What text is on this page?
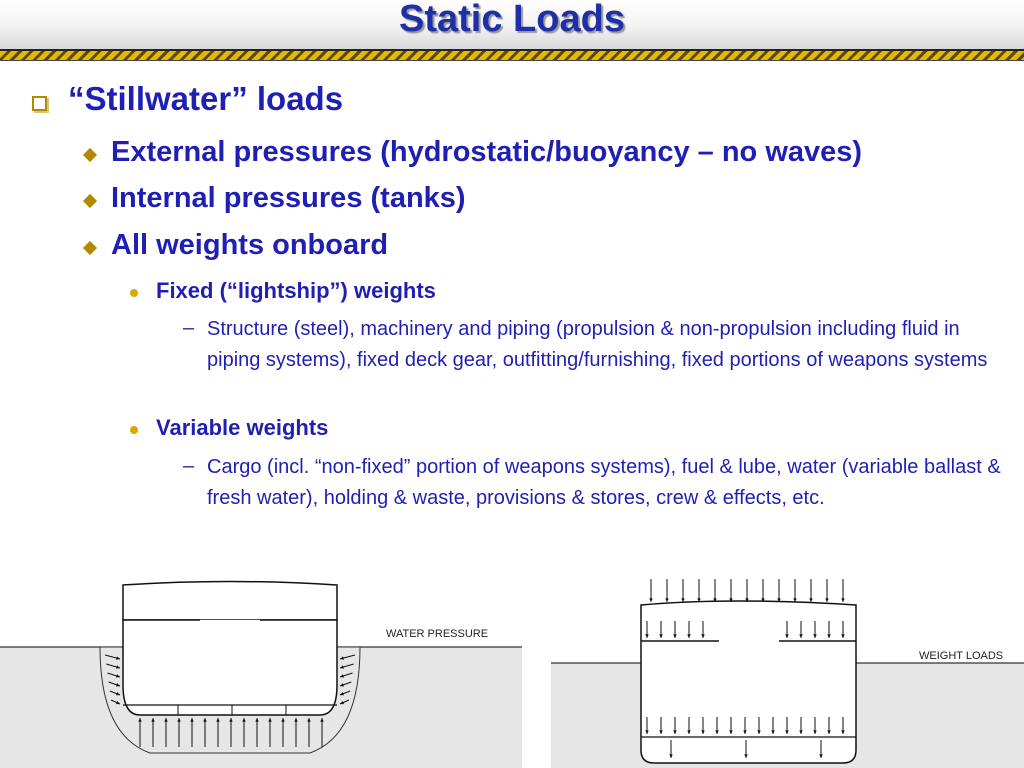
Static Loads
“Stillwater” loads
External pressures (hydrostatic/buoyancy – no waves)
Internal pressures (tanks)
All weights onboard
Fixed (“lightship”) weights
– Structure (steel), machinery and piping (propulsion & non-propulsion including fluid in piping systems), fixed deck gear, outfitting/furnishing, fixed portions of weapons systems
Variable weights
– Cargo (incl. “non-fixed” portion of weapons systems), fuel & lube, water (variable ballast & fresh water), holding & waste, provisions & stores, crew & effects, etc.
WATER PRESSURE
WEIGHT LOADS
